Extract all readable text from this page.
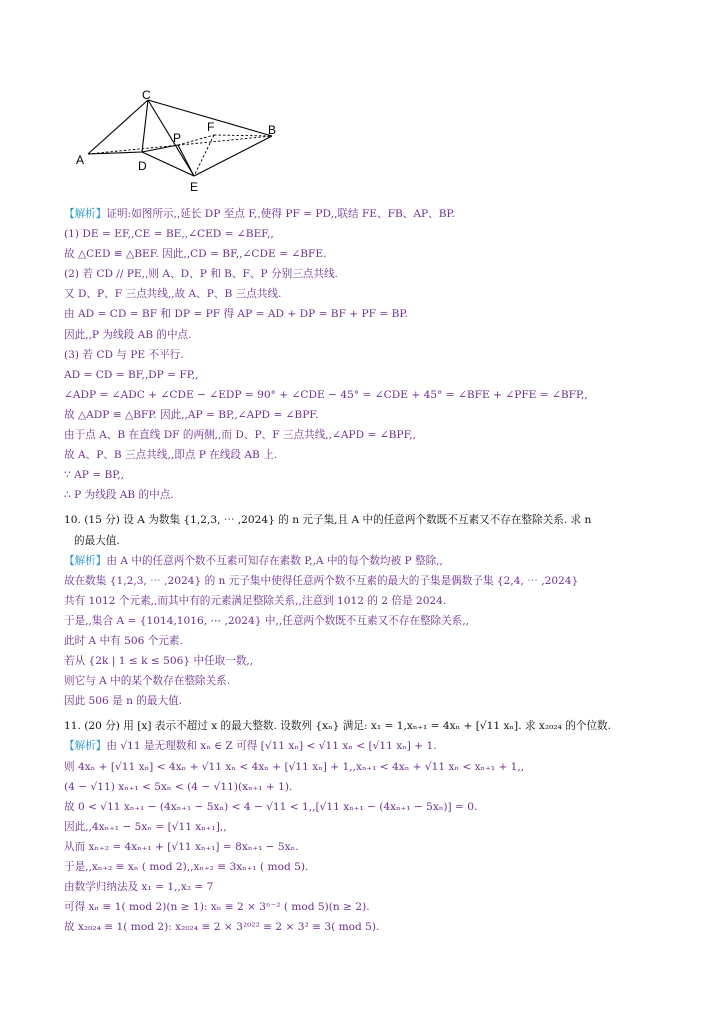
C
P
F	B
A	D
E
【解析】证明:如图所示,,延长 DP 至点 F,,使得 PF = PD,,联结 FE、FB、AP、BP.
(1) DE = EF,,CE = BE,,∠CED = ∠BEF,,
故 △CED ≌ △BEF. 因此,,CD = BF,,∠CDE = ∠BFE.
(2) 若 CD // PE,,则 A、D、P 和 B、F、P 分别三点共线.
又 D、P、F 三点共线,,故 A、P、B 三点共线.
由 AD = CD = BF 和 DP = PF 得 AP = AD + DP = BF + PF = BP.
因此,,P 为线段 AB 的中点.
(3) 若 CD 与 PE 不平行.
AD = CD = BF,,DP = FP,,
∠ADP = ∠ADC + ∠CDE − ∠EDP = 90° + ∠CDE − 45° = ∠CDE + 45° = ∠BFE + ∠PFE = ∠BFP,,
故 △ADP ≌ △BFP. 因此,,AP = BP,,∠APD = ∠BPF.
由于点 A、B 在直线 DF 的两侧,,而 D、P、F 三点共线,,∠APD = ∠BPF,,
故 A、P、B 三点共线,,即点 P 在线段 AB 上.
∵ AP = BP,,
∴ P 为线段 AB 的中点.
10. (15 分) 设 A 为数集 {1,2,3, ⋯ ,2024} 的 n 元子集,且 A 中的任意两个数既不互素又不存在整除关系. 求 n
的最大值.
【解析】由 A 中的任意两个数不互素可知存在素数 P,,A 中的每个数均被 P 整除,,
故在数集 {1,2,3, ⋯ ,2024} 的 n 元子集中使得任意两个数不互素的最大的子集是偶数子集 {2,4, ⋯ ,2024}
共有 1012 个元素,,而其中有的元素满足整除关系,,注意到 1012 的 2 倍是 2024.
于是,,集合 A = {1014,1016, ⋯ ,2024} 中,,任意两个数既不互素又不存在整除关系,,
此时 A 中有 506 个元素.
若从 {2k | 1 ≤ k ≤ 506} 中任取一数,,
则它与 A 中的某个数存在整除关系.
因此 506 是 n 的最大值.
11. (20 分) 用 [x] 表示不超过 x 的最大整数. 设数列 {xₙ} 满足: x₁ = 1,xₙ₊₁ = 4xₙ + [√11 xₙ]. 求 x₂₀₂₄ 的个位数.
【解析】由 √11 是无理数和 xₙ ∈ Z 可得 [√11 xₙ] < √11 xₙ < [√11 xₙ] + 1.
则 4xₙ + [√11 xₙ] < 4xₙ + √11 xₙ < 4xₙ + [√11 xₙ] + 1,,xₙ₊₁ < 4xₙ + √11 xₙ < xₙ₊₁ + 1,,
(4 − √11) xₙ₊₁ < 5xₙ < (4 − √11)(xₙ₊₁ + 1).
故 0 < √11 xₙ₊₁ − (4xₙ₊₁ − 5xₙ) < 4 − √11 < 1,,[√11 xₙ₊₁ − (4xₙ₊₁ − 5xₙ)] = 0.
因此,,4xₙ₊₁ − 5xₙ = [√11 xₙ₊₁],,
从而 xₙ₊₂ = 4xₙ₊₁ + [√11 xₙ₊₁] = 8xₙ₊₁ − 5xₙ.
于是,,xₙ₊₂ ≡ xₙ ( mod 2),,xₙ₊₂ ≡ 3xₙ₊₁ ( mod 5).
由数学归纳法及 x₁ = 1,,x₂ = 7
可得 xₙ ≡ 1( mod 2)(n ≥ 1): xₙ ≡ 2 × 3ⁿ⁻² ( mod 5)(n ≥ 2).
故 x₂₀₂₄ ≡ 1( mod 2): x₂₀₂₄ ≡ 2 × 3²⁰²² ≡ 2 × 3² ≡ 3( mod 5).
